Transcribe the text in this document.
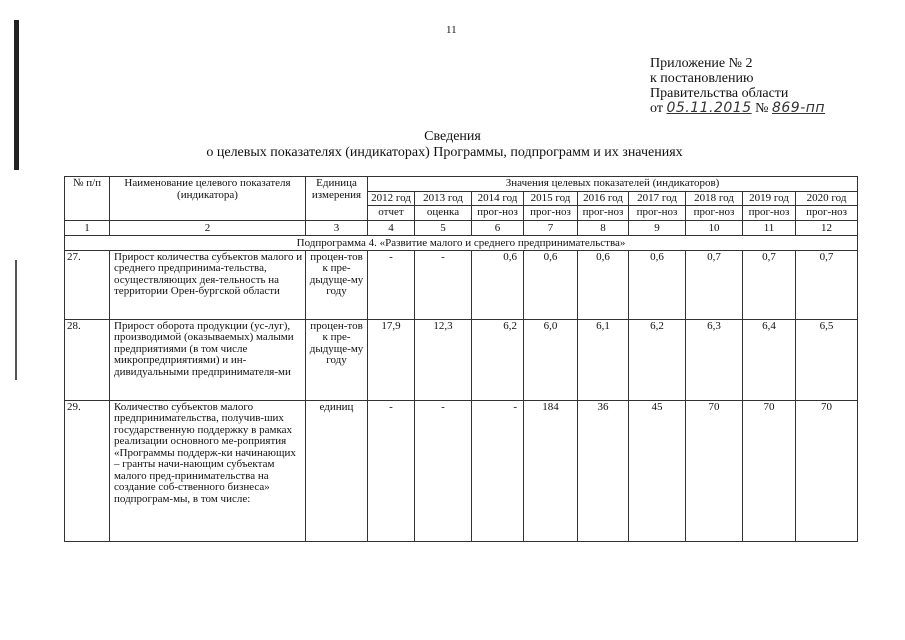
11
Приложение № 2
к постановлению
Правительства области
от 05.11.2015 № 869-пп
Сведения
о целевых показателях (индикаторах) Программы, подпрограмм и их значениях
№ п/п	Наименование целевого показателя (индикатора)	Единица измерения	Значения целевых показателей (индикаторов)								
			2012 год	2013 год	2014 год	2015 год	2016 год	2017 год	2018 год	2019 год	2020 год
			отчет	оценка	прог-ноз	прог-ноз	прог-ноз	прог-ноз	прог-ноз	прог-ноз	прог-ноз
1	2	3	4	5	6	7	8	9	10	11	12
Подпрограмма 4. «Развитие малого и среднего предпринимательства»											
27.	Прирост количества субъектов малого и среднего предпринима-тельства, осуществляющих дея-тельность на территории Орен-бургской области	процен-тов к пре-дыдуще-му году	-	-	0,6	0,6	0,6	0,6	0,7	0,7	0,7
28.	Прирост оборота продукции (ус-луг), производимой (оказываемых) малыми предприятиями (в том числе микропредприятиями) и ин-дивидуальными предпринимателя-ми	процен-тов к пре-дыдуще-му году	17,9	12,3	6,2	6,0	6,1	6,2	6,3	6,4	6,5
29.	Количество субъектов малого предпринимательства, получив-ших государственную поддержку в рамках реализации основного ме-роприятия «Программы поддерж-ки начинающих – гранты начи-нающим субъектам малого пред-принимательства на создание соб-ственного бизнеса» подпрограм-мы, в том числе:	единиц	-	-	-	184	36	45	70	70	70
